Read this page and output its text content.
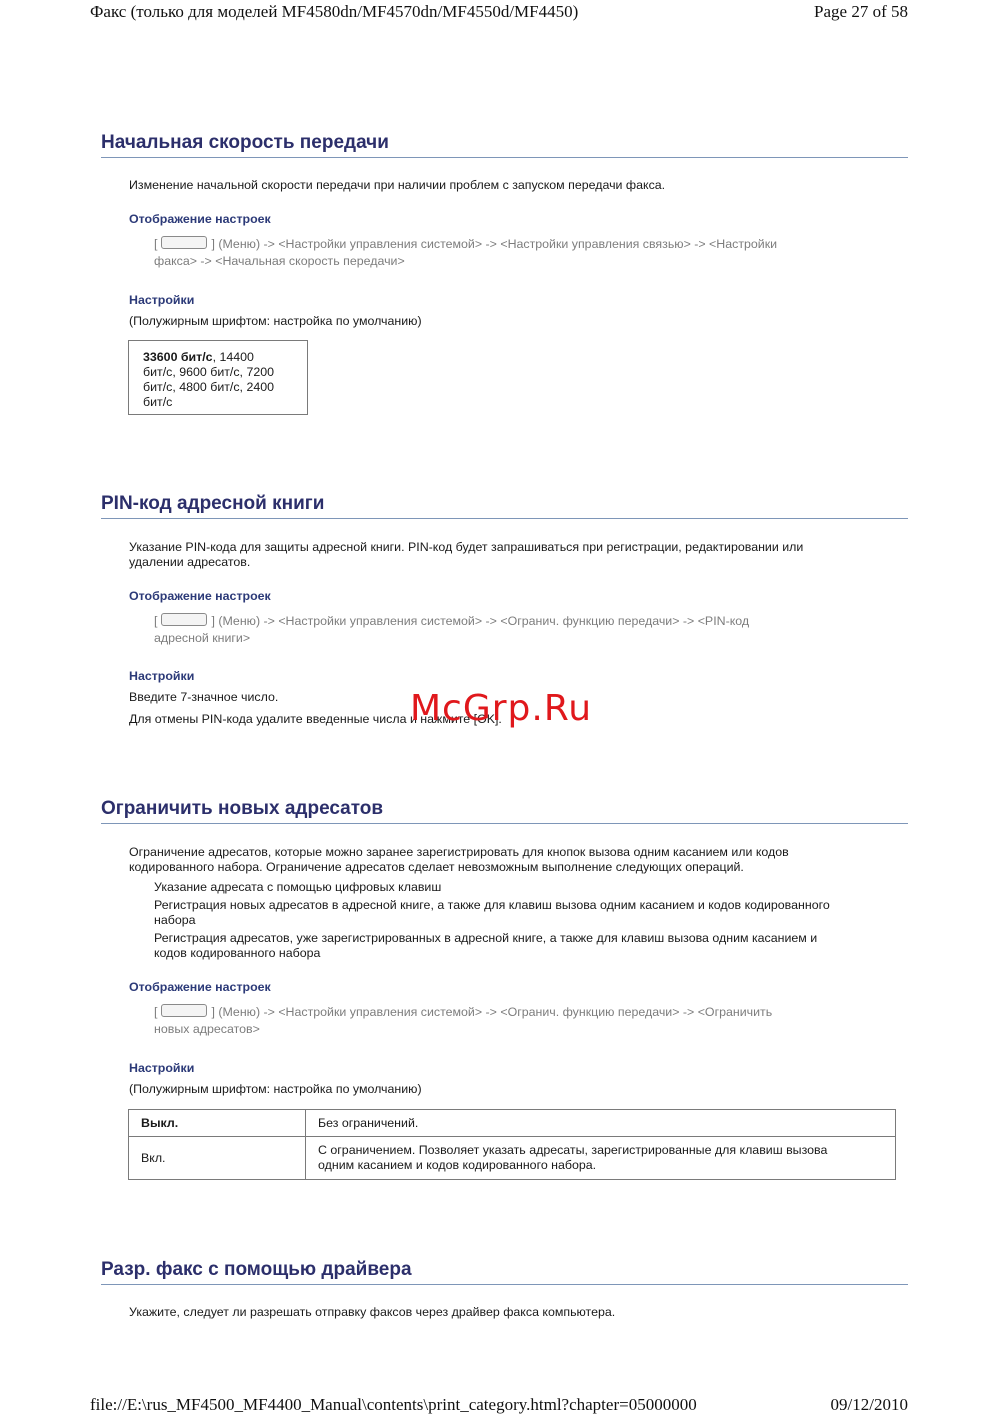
Факс (только для моделей MF4580dn/MF4570dn/MF4550d/MF4450)	Page 27 of 58
Начальная скорость передачи
Изменение начальной скорости передачи при наличии проблем с запуском передачи факса.
Отображение настроек
[	] (Меню) -> <Настройки управления системой> -> <Настройки управления связью> -> <Настройки
факса> -> <Начальная скорость передачи>
Настройки
(Полужирным шрифтом: настройка по умолчанию)
33600 бит/с, 14400
бит/с, 9600 бит/с, 7200
бит/с, 4800 бит/с, 2400
бит/с
PIN-код адресной книги
Указание PIN-кода для защиты адресной книги. PIN-код будет запрашиваться при регистрации, редактировании или
удалении адресатов.
Отображение настроек
[	] (Меню) -> <Настройки управления системой> -> <Огранич. функцию передачи> -> <PIN-код
адресной книги>
Настройки
Введите 7-значное число.
Для отмены PIN-кода удалите введенные числа и нажмите [OK].
McGrp.Ru
Ограничить новых адресатов
Ограничение адресатов, которые можно заранее зарегистрировать для кнопок вызова одним касанием или кодов
кодированного набора. Ограничение адресатов сделает невозможным выполнение следующих операций.
Указание адресата с помощью цифровых клавиш
Регистрация новых адресатов в адресной книге, а также для клавиш вызова одним касанием и кодов кодированного
набора
Регистрация адресатов, уже зарегистрированных в адресной книге, а также для клавиш вызова одним касанием и
кодов кодированного набора
Отображение настроек
[	] (Меню) -> <Настройки управления системой> -> <Огранич. функцию передачи> -> <Ограничить
новых адресатов>
Настройки
(Полужирным шрифтом: настройка по умолчанию)
Выкл.	Без ограничений.

Вкл.	С ограничением. Позволяет указать адресаты, зарегистрированные для клавиш вызова
одним касанием и кодов кодированного набора.
Разр. факс с помощью драйвера
Укажите, следует ли разрешать отправку факсов через драйвер факса компьютера.
file://E:\rus_MF4500_MF4400_Manual\contents\print_category.html?chapter=05000000	09/12/2010
